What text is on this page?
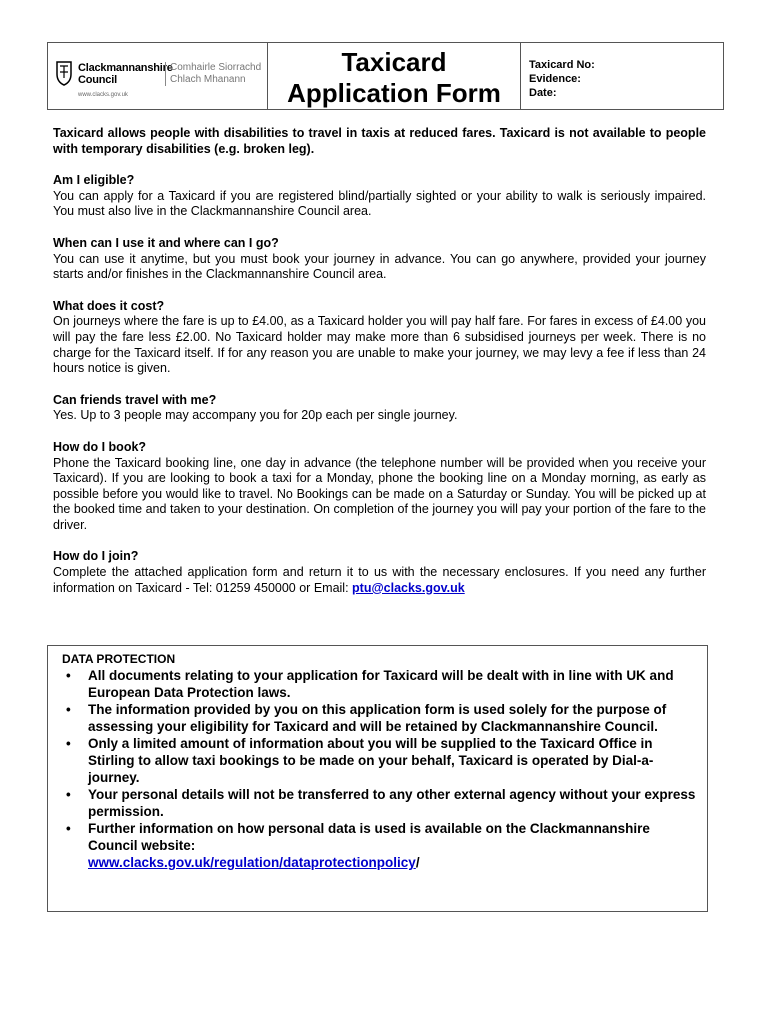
Clackmannanshire
Council
Comhairle Siorrachd
Chlach Mhanann
www.clacks.gov.uk
Taxicard
Application Form
Taxicard No:
Evidence:
Date:

Taxicard allows people with disabilities to travel in taxis at reduced fares. Taxicard is not available to people with temporary disabilities (e.g. broken leg).

Am I eligible?

You can apply for a Taxicard if you are registered blind/partially sighted or your ability to walk is seriously impaired. You must also live in the Clackmannanshire Council area.

When can I use it and where can I go?

You can use it anytime, but you must book your journey in advance. You can go anywhere, provided your journey starts and/or finishes in the Clackmannanshire Council area.

What does it cost?

On journeys where the fare is up to £4.00, as a Taxicard holder you will pay half fare. For fares in excess of £4.00 you will pay the fare less £2.00. No Taxicard holder may make more than 6 subsidised journeys per week. There is no charge for the Taxicard itself. If for any reason you are unable to make your journey, we may levy a fee if less than 24 hours notice is given.

Can friends travel with me?

Yes. Up to 3 people may accompany you for 20p each per single journey.

How do I book?

Phone the Taxicard booking line, one day in advance (the telephone number will be provided when you receive your Taxicard). If you are looking to book a taxi for a Monday, phone the booking line on a Monday morning, as early as possible before you would like to travel. No Bookings can be made on a Saturday or Sunday. You will be picked up at the booked time and taken to your destination. On completion of the journey you will pay your portion of the fare to the driver.

How do I join?

Complete the attached application form and return it to us with the necessary enclosures. If you need any further information on Taxicard - Tel: 01259 450000 or Email: ptu@clacks.gov.uk

DATA PROTECTION
• All documents relating to your application for Taxicard will be dealt with in line with UK and European Data Protection laws.
• The information provided by you on this application form is used solely for the purpose of assessing your eligibility for Taxicard and will be retained by Clackmannanshire Council.
• Only a limited amount of information about you will be supplied to the Taxicard Office in Stirling to allow taxi bookings to be made on your behalf, Taxicard is operated by Dial-a-journey.
• Your personal details will not be transferred to any other external agency without your express permission.
• Further information on how personal data is used is available on the Clackmannanshire Council website:
www.clacks.gov.uk/regulation/dataprotectionpolicy/
